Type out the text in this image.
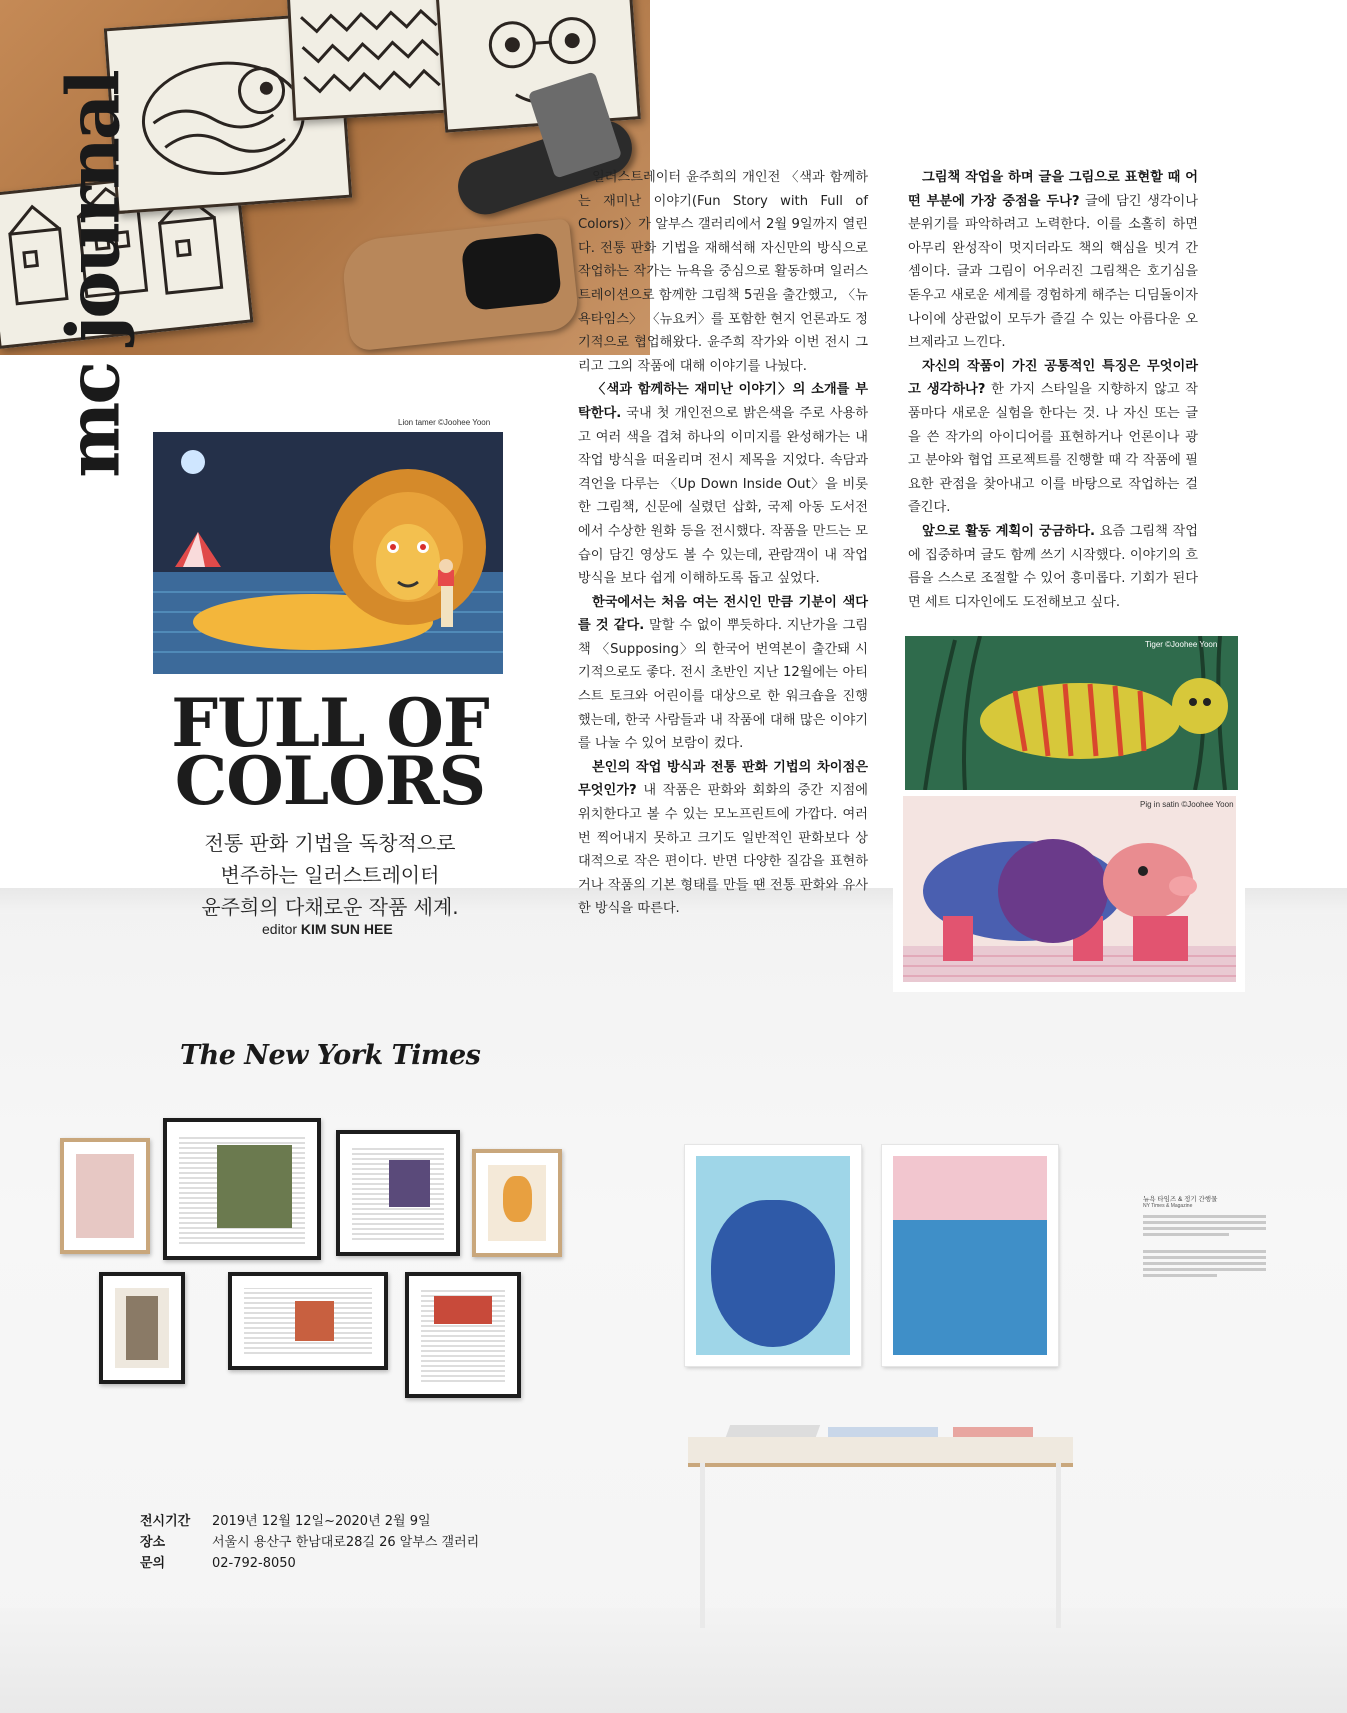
mc journal	Lion tamer ©Joohee Yoon
FULL OF
COLORS
전통 판화 기법을 독창적으로
변주하는 일러스트레이터
윤주희의 다채로운 작품 세계.
editor KIM SUN HEE

일러스트레이터 윤주희의 개인전 〈색과 함께하는 재미난 이야기(Fun Story with Full of Colors)〉가 알부스 갤러리에서 2월 9일까지 열린다. 전통 판화 기법을 재해석해 자신만의 방식으로 작업하는 작가는 뉴욕을 중심으로 활동하며 일러스트레이션으로 함께한 그림책 5권을 출간했고, 〈뉴욕타임스〉 〈뉴요커〉를 포함한 현지 언론과도 정기적으로 협업해왔다. 윤주희 작가와 이번 전시 그리고 그의 작품에 대해 이야기를 나눴다.

〈색과 함께하는 재미난 이야기〉의 소개를 부탁한다. 국내 첫 개인전으로 밝은색을 주로 사용하고 여러 색을 겹쳐 하나의 이미지를 완성해가는 내 작업 방식을 떠올리며 전시 제목을 지었다. 속담과 격언을 다루는 〈Up Down Inside Out〉을 비롯한 그림책, 신문에 실렸던 삽화, 국제 아동 도서전에서 수상한 원화 등을 전시했다. 작품을 만드는 모습이 담긴 영상도 볼 수 있는데, 관람객이 내 작업 방식을 보다 쉽게 이해하도록 돕고 싶었다.

한국에서는 처음 여는 전시인 만큼 기분이 색다를 것 같다. 말할 수 없이 뿌듯하다. 지난가을 그림책 〈Supposing〉의 한국어 번역본이 출간돼 시기적으로도 좋다. 전시 초반인 지난 12월에는 아티스트 토크와 어린이를 대상으로 한 워크숍을 진행했는데, 한국 사람들과 내 작품에 대해 많은 이야기를 나눌 수 있어 보람이 컸다.

본인의 작업 방식과 전통 판화 기법의 차이점은 무엇인가? 내 작품은 판화와 회화의 중간 지점에 위치한다고 볼 수 있는 모노프린트에 가깝다. 여러 번 찍어내지 못하고 크기도 일반적인 판화보다 상대적으로 작은 편이다. 반면 다양한 질감을 표현하거나 작품의 기본 형태를 만들 땐 전통 판화와 유사한 방식을 따른다.

그림책 작업을 하며 글을 그림으로 표현할 때 어떤 부분에 가장 중점을 두나? 글에 담긴 생각이나 분위기를 파악하려고 노력한다. 이를 소홀히 하면 아무리 완성작이 멋지더라도 책의 핵심을 빗겨 간 셈이다. 글과 그림이 어우러진 그림책은 호기심을 돋우고 새로운 세계를 경험하게 해주는 디딤돌이자 나이에 상관없이 모두가 즐길 수 있는 아름다운 오브제라고 느낀다.

자신의 작품이 가진 공통적인 특징은 무엇이라고 생각하나? 한 가지 스타일을 지향하지 않고 작품마다 새로운 실험을 한다는 것. 나 자신 또는 글을 쓴 작가의 아이디어를 표현하거나 언론이나 광고 분야와 협업 프로젝트를 진행할 때 각 작품에 필요한 관점을 찾아내고 이를 바탕으로 작업하는 걸 즐긴다.

앞으로 활동 계획이 궁금하다. 요즘 그림책 작업에 집중하며 글도 함께 쓰기 시작했다. 이야기의 흐름을 스스로 조절할 수 있어 흥미롭다. 기회가 된다면 세트 디자인에도 도전해보고 싶다.

Tiger ©Joohee Yoon
Pig in satin ©Joohee Yoon
The New York Times
뉴욕 타임즈 & 정기 간행물
NY Times & Magazine
전시기간	2019년 12월 12일~2020년 2월 9일
장소	서울시 용산구 한남대로28길 26 알부스 갤러리
문의	02-792-8050
